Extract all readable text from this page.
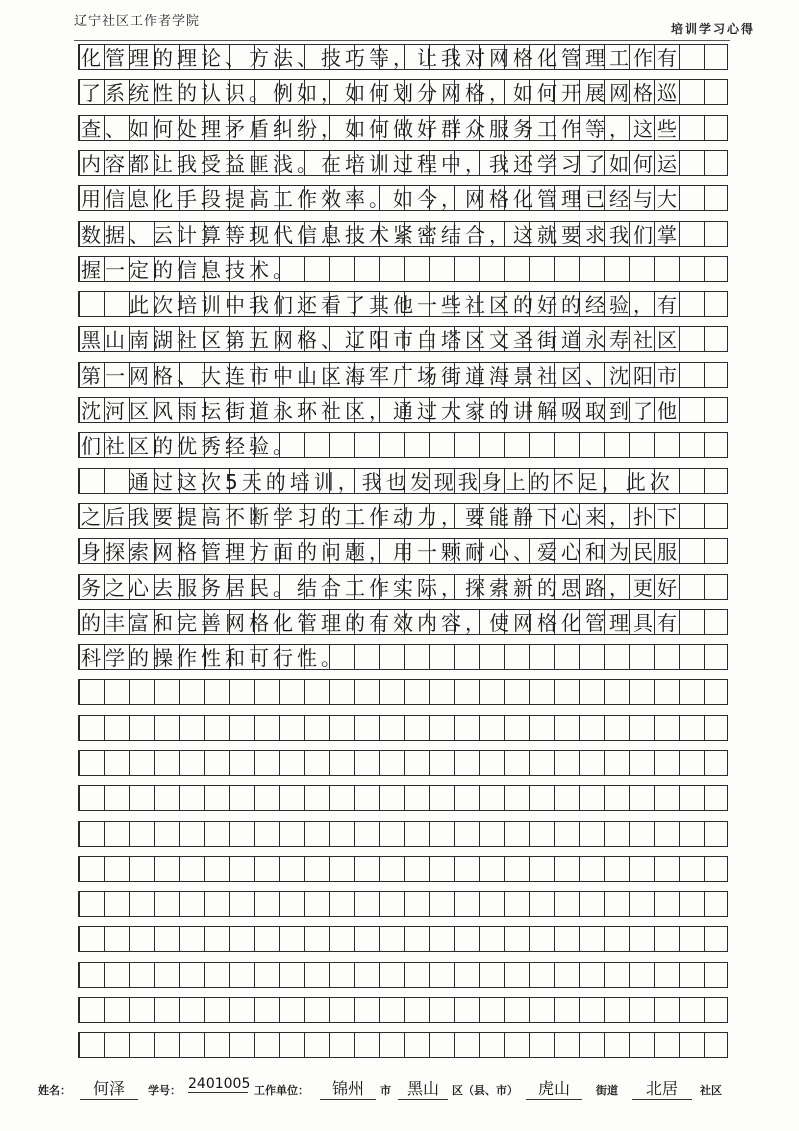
辽宁社区工作者学院	培训学习心得
化管理的理论、方法、技巧等，让我对网格化管理工作有
了系统性的认识。例如，如何划分网格，如何开展网格巡
查、如何处理矛盾纠纷，如何做好群众服务工作等，这些
内容都让我受益匪浅。在培训过程中，我还学习了如何运
用信息化手段提高工作效率。如今，网格化管理已经与大
数据、云计算等现代信息技术紧密结合，这就要求我们掌
握一定的信息技术。
　　此次培训中我们还看了其他一些社区的好的经验，有
黑山南湖社区第五网格、辽阳市白塔区文圣街道永寿社区
第一网格、大连市中山区海军广场街道海景社区、沈阳市
沈河区风雨坛街道永环社区，通过大家的讲解吸取到了他
们社区的优秀经验。
　　通过这次5天的培训，我也发现我身上的不足，此次
之后我要提高不断学习的工作动力，要能静下心来，扑下
身探索网格管理方面的问题，用一颗耐心、爱心和为民服
务之心去服务居民。结合工作实际，探索新的思路，更好
的丰富和完善网格化管理的有效内容，使网格化管理具有
科学的操作性和可行性。
姓名：	何泽	学号： 2401005 工作单位：	锦州	市 黑山	区（县、市）	虎山	街道	北居	社区
